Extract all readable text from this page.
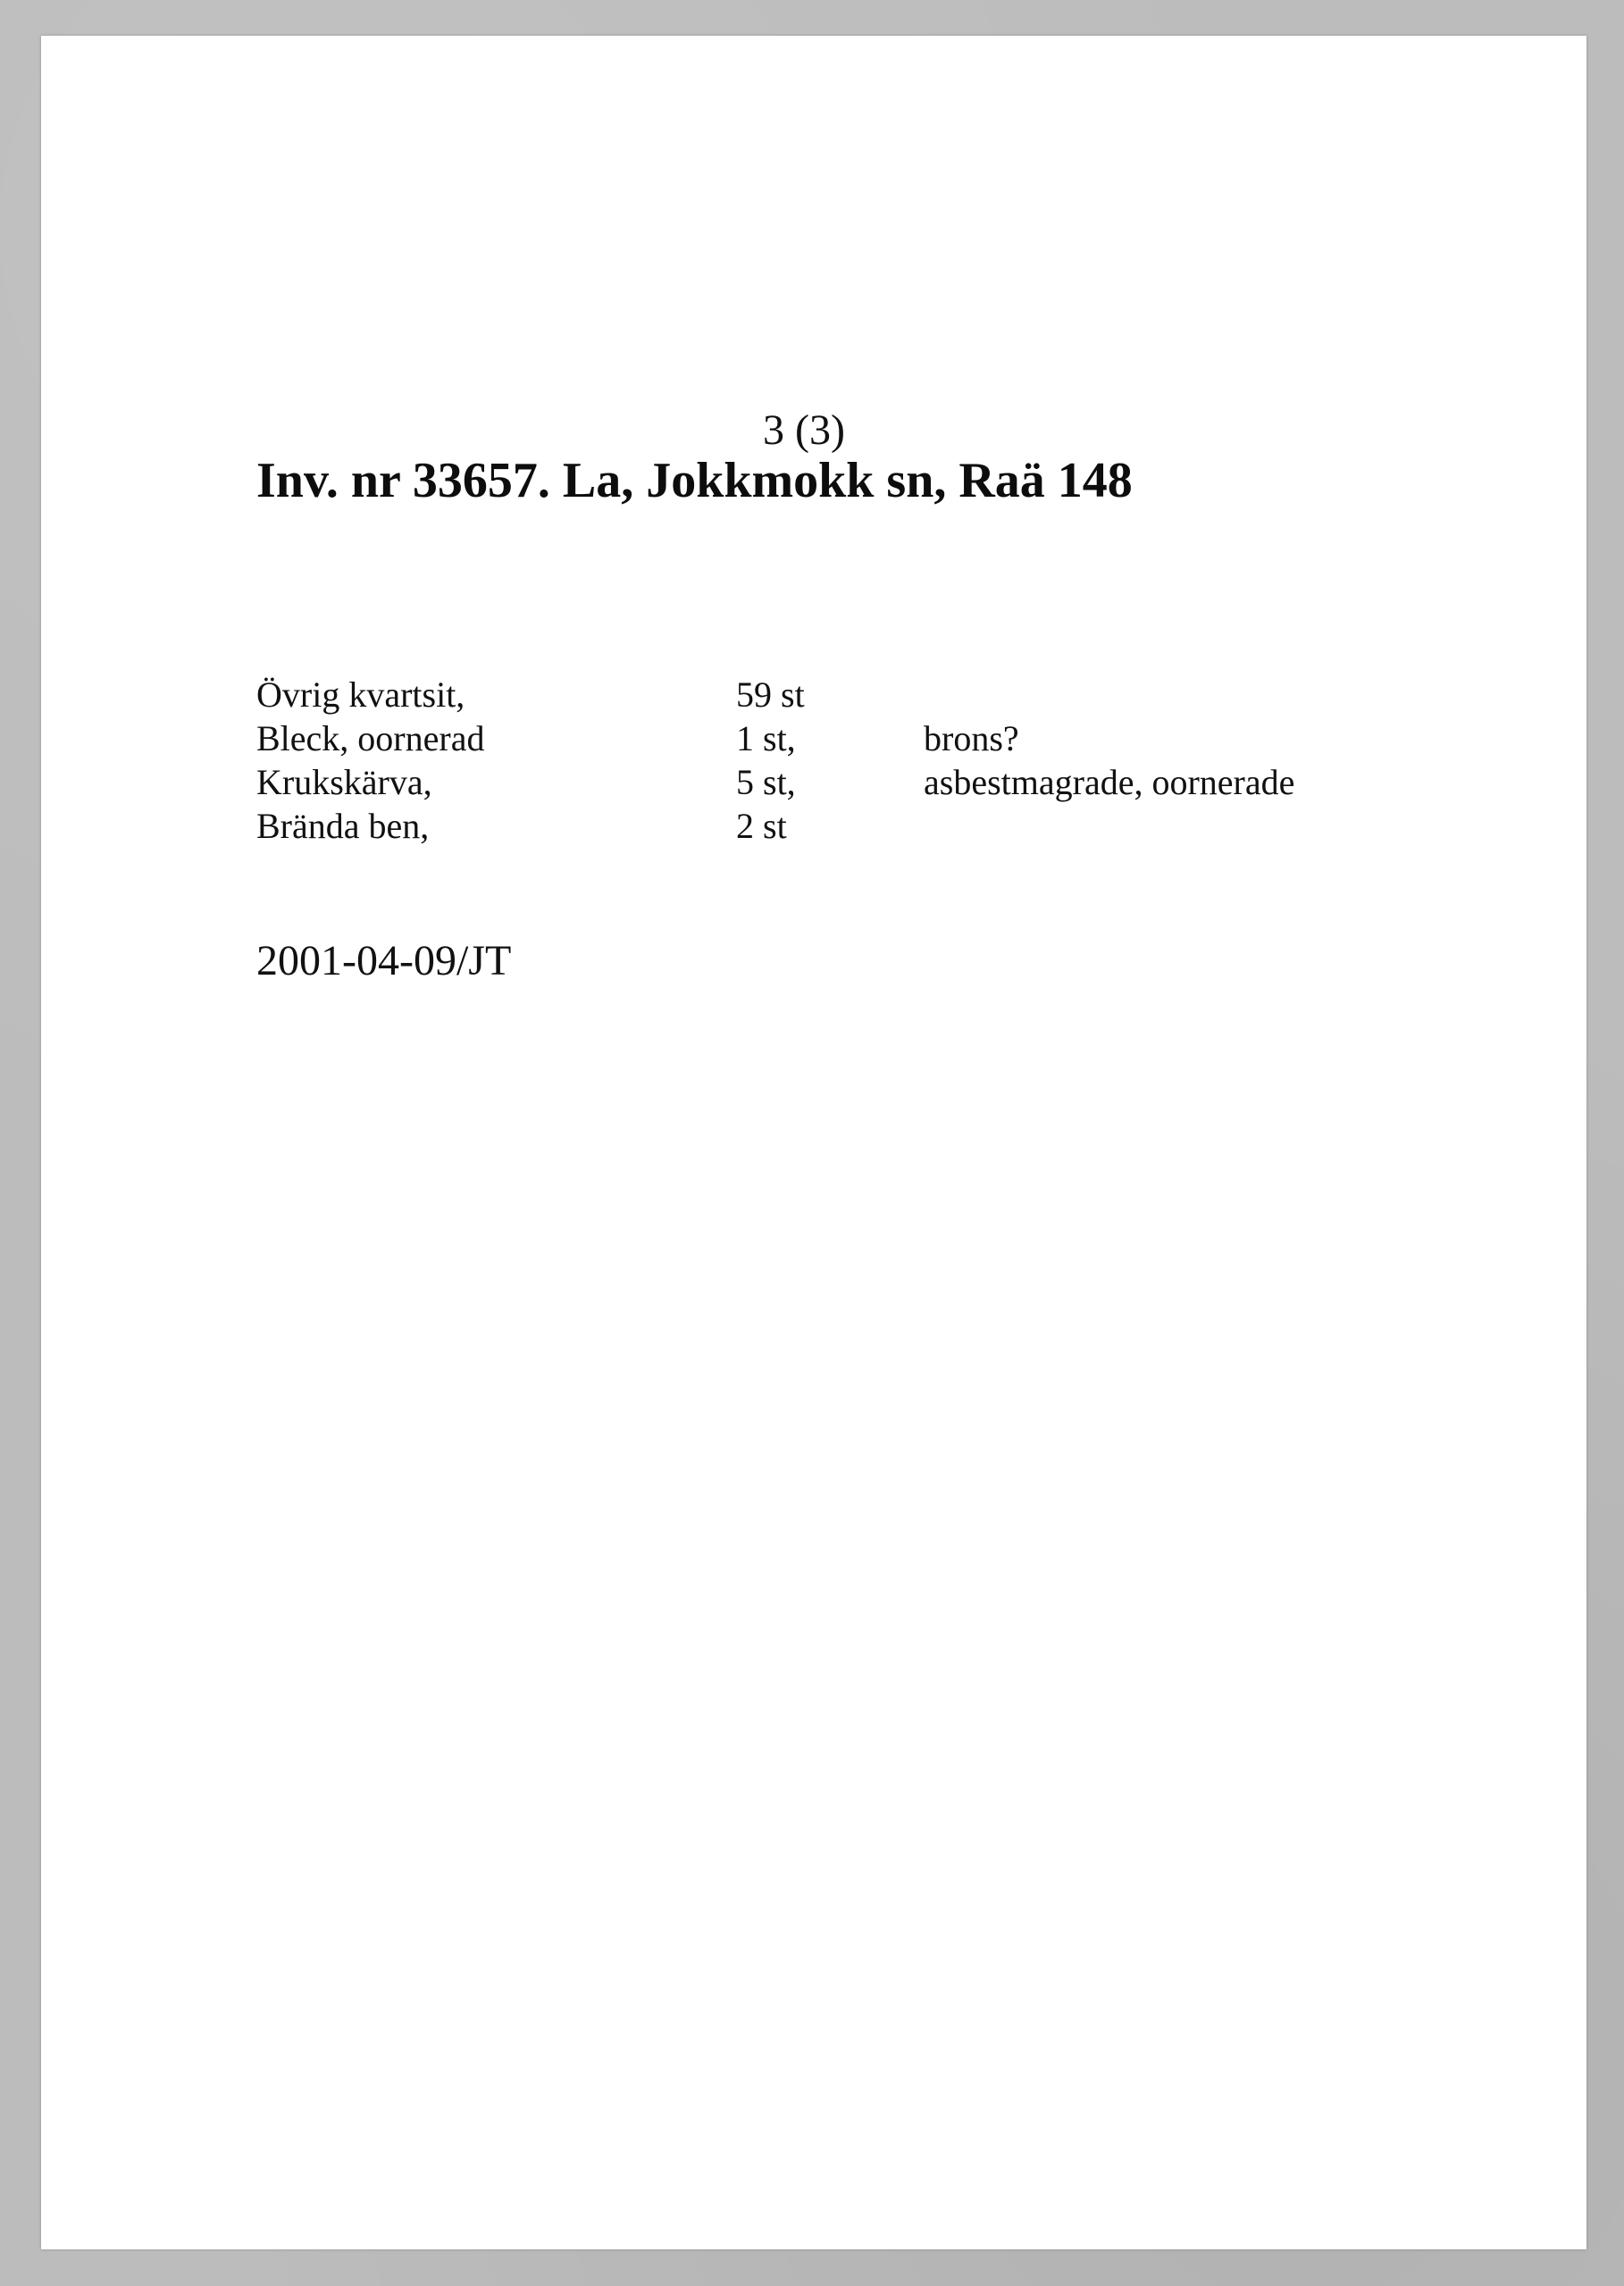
3 (3)
Inv. nr 33657. La, Jokkmokk sn, Raä 148
Övrig kvartsit,	59 st
Bleck, oornerad	1 st,	brons?
Krukskärva,	5 st,	asbestmagrade, oornerade
Brända ben,	2 st
2001-04-09/JT
